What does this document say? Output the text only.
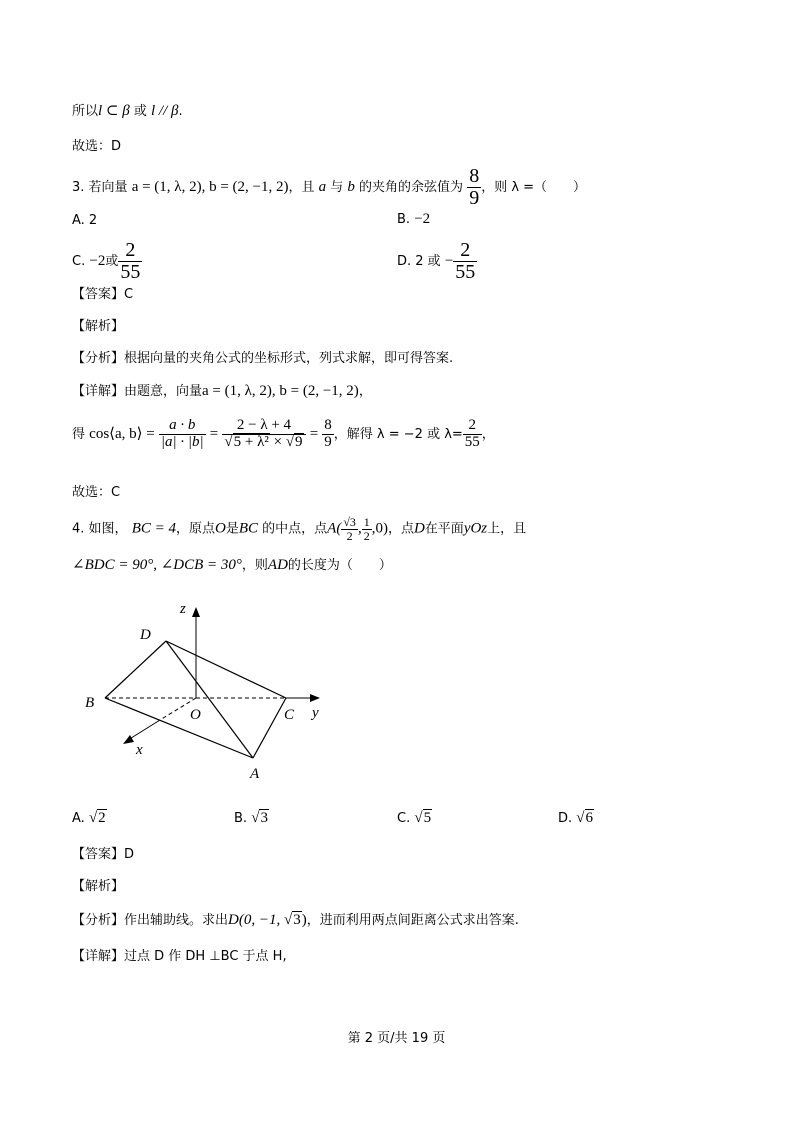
所以l ⊂ β 或 l // β.
故选：D
3. 若向量 a = (1, λ, 2), b = (2, −1, 2)，且 a 与 b 的夹角的余弦值为 $\frac{8}{9}$ ，则 λ =（　　）
A. 2	B. −2
C. −2或 $\frac{2}{55}$	D. 2 或 − $\frac{2}{55}$
【答案】C
【解析】
【分析】根据向量的夹角公式的坐标形式，列式求解，即可得答案.
【详解】由题意，向量a = (1, λ, 2), b = (2, −1, 2)，
得 cos⟨a, b⟩ = $\frac{a \cdot b}{|a| \cdot |b|} = \frac{2 - \lambda + 4}{\text{√5 + λ² × √9}} = \frac{8}{9}$ ，解得 λ = −2 或 $\lambda= \frac{2}{55}$ ，
故选：C
4. 如图， BC = 4，原点O是BC 的中点，点$A( \frac{√3}{2}$ , $\frac{1}{2} ,0$)，点D在平面yOz上，且
∠BDC = 90°, ∠DCB = 30°，则AD的长度为（　　）
z
D
B
O	C y
x
A
A. √2	B. √3	C. √5	D. √6
【答案】D
【解析】
【分析】作出辅助线。求出D(0, −1, √3)，进而利用两点间距离公式求出答案.
【详解】过点 D 作 DH ⊥BC 于点 H,
第 2 页/共 19 页
